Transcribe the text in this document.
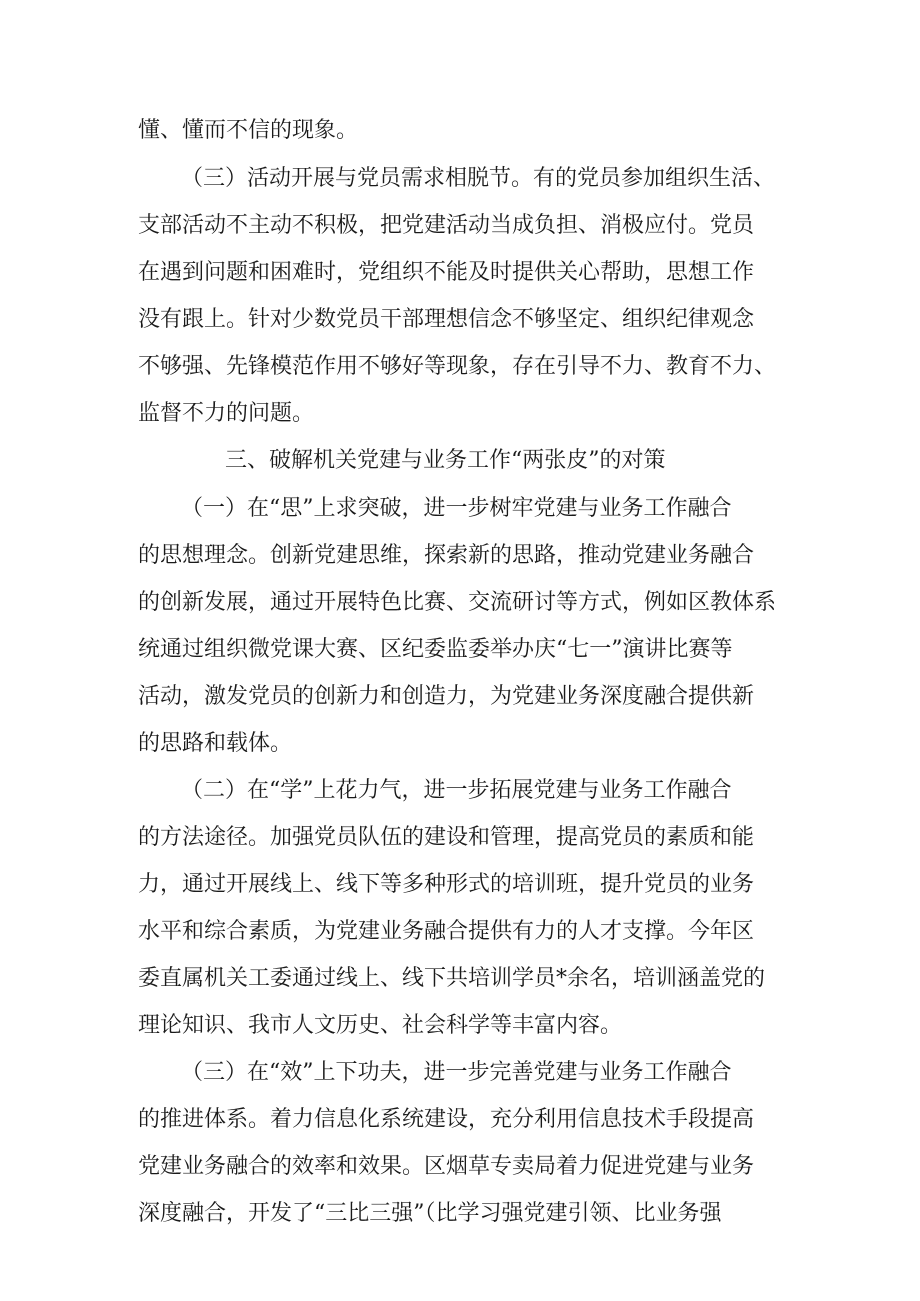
懂、懂而不信的现象。
（三）活动开展与党员需求相脱节。有的党员参加组织生活、
支部活动不主动不积极，把党建活动当成负担、消极应付。党员
在遇到问题和困难时，党组织不能及时提供关心帮助，思想工作
没有跟上。针对少数党员干部理想信念不够坚定、组织纪律观念
不够强、先锋模范作用不够好等现象，存在引导不力、教育不力、
监督不力的问题。
三、破解机关党建与业务工作“两张皮”的对策
（一）在“思”上求突破，进一步树牢党建与业务工作融合
的思想理念。创新党建思维，探索新的思路，推动党建业务融合
的创新发展，通过开展特色比赛、交流研讨等方式，例如区教体系
统通过组织微党课大赛、区纪委监委举办庆“七一”演讲比赛等
活动，激发党员的创新力和创造力，为党建业务深度融合提供新
的思路和载体。
（二）在“学”上花力气，进一步拓展党建与业务工作融合
的方法途径。加强党员队伍的建设和管理，提高党员的素质和能
力，通过开展线上、线下等多种形式的培训班，提升党员的业务
水平和综合素质，为党建业务融合提供有力的人才支撑。今年区
委直属机关工委通过线上、线下共培训学员*余名，培训涵盖党的
理论知识、我市人文历史、社会科学等丰富内容。
（三）在“效”上下功夫，进一步完善党建与业务工作融合
的推进体系。着力信息化系统建设，充分利用信息技术手段提高
党建业务融合的效率和效果。区烟草专卖局着力促进党建与业务
深度融合，开发了“三比三强”（比学习强党建引领、比业务强
